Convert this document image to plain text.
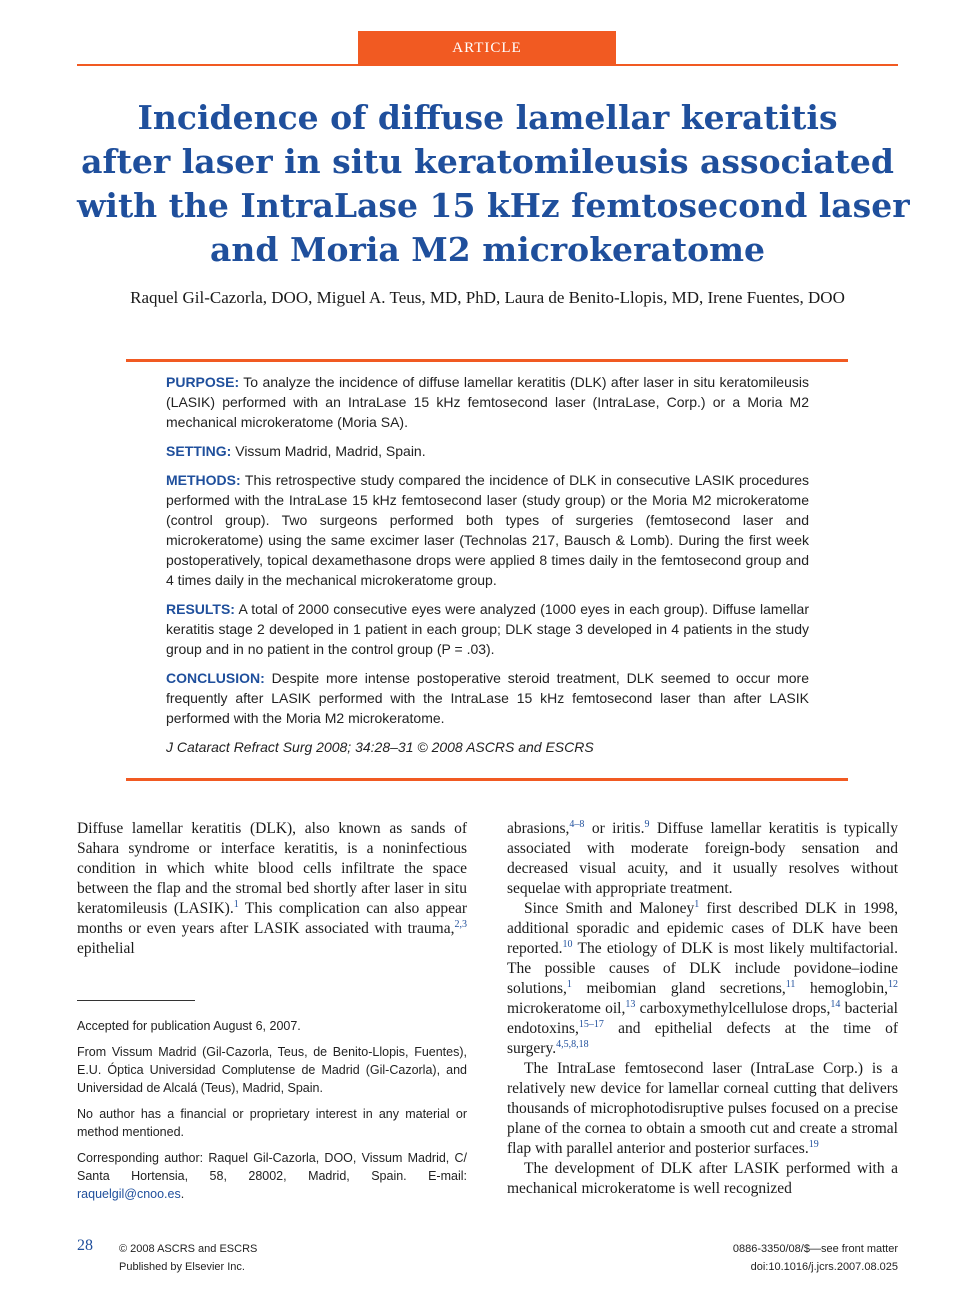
ARTICLE
Incidence of diffuse lamellar keratitis
after laser in situ keratomileusis associated
with the IntraLase 15 kHz femtosecond laser
and Moria M2 microkeratome
Raquel Gil-Cazorla, DOO, Miguel A. Teus, MD, PhD, Laura de Benito-Llopis, MD, Irene Fuentes, DOO

PURPOSE: To analyze the incidence of diffuse lamellar keratitis (DLK) after laser in situ keratomileusis (LASIK) performed with an IntraLase 15 kHz femtosecond laser (IntraLase, Corp.) or a Moria M2 mechanical microkeratome (Moria SA).

SETTING: Vissum Madrid, Madrid, Spain.

METHODS: This retrospective study compared the incidence of DLK in consecutive LASIK procedures performed with the IntraLase 15 kHz femtosecond laser (study group) or the Moria M2 microkeratome (control group). Two surgeons performed both types of surgeries (femtosecond laser and microkeratome) using the same excimer laser (Technolas 217, Bausch & Lomb). During the first week postoperatively, topical dexamethasone drops were applied 8 times daily in the femtosecond group and 4 times daily in the mechanical microkeratome group.

RESULTS: A total of 2000 consecutive eyes were analyzed (1000 eyes in each group). Diffuse lamellar keratitis stage 2 developed in 1 patient in each group; DLK stage 3 developed in 4 patients in the study group and in no patient in the control group (P = .03).

CONCLUSION: Despite more intense postoperative steroid treatment, DLK seemed to occur more frequently after LASIK performed with the IntraLase 15 kHz femtosecond laser than after LASIK performed with the Moria M2 microkeratome.

J Cataract Refract Surg 2008; 34:28–31 © 2008 ASCRS and ESCRS

Diffuse lamellar keratitis (DLK), also known as sands of Sahara syndrome or interface keratitis, is a noninfectious condition in which white blood cells infiltrate the space between the flap and the stromal bed shortly after laser in situ keratomileusis (LASIK).$^1$ This complication can also appear months or even years after LASIK associated with trauma,$^{2,3}$ epithelial

Accepted for publication August 6, 2007.

From Vissum Madrid (Gil-Cazorla, Teus, de Benito-Llopis, Fuentes), E.U. Óptica Universidad Complutense de Madrid (Gil-Cazorla), and Universidad de Alcalá (Teus), Madrid, Spain.

No author has a financial or proprietary interest in any material or method mentioned.

Corresponding author: Raquel Gil-Cazorla, DOO, Vissum Madrid, C/ Santa Hortensia, 58, 28002, Madrid, Spain. E-mail: raquelgil@cnoo.es.

abrasions,$^{4-8}$ or iritis.$^9$ Diffuse lamellar keratitis is typically associated with moderate foreign-body sensation and decreased visual acuity, and it usually resolves without sequelae with appropriate treatment.

Since Smith and Maloney$^1$ first described DLK in 1998, additional sporadic and epidemic cases of DLK have been reported.$^{10}$ The etiology of DLK is most likely multifactorial. The possible causes of DLK include povidone–iodine solutions,$^1$ meibomian gland secretions,$^{11}$ hemoglobin,$^{12}$ microkeratome oil,$^{13}$ carboxymethylcellulose drops,$^{14}$ bacterial endotoxins,$^{15-17}$ and epithelial defects at the time of surgery.$^{4,5,8,18}$

The IntraLase femtosecond laser (IntraLase Corp.) is a relatively new device for lamellar corneal cutting that delivers thousands of microphotodisruptive pulses focused on a precise plane of the cornea to obtain a smooth cut and create a stromal flap with parallel anterior and posterior surfaces.$^{19}$

The development of DLK after LASIK performed with a mechanical microkeratome is well recognized

28 © 2008 ASCRS and ESCRS
Published by Elsevier Inc.
0886-3350/08/$—see front matter
doi:10.1016/j.jcrs.2007.08.025
